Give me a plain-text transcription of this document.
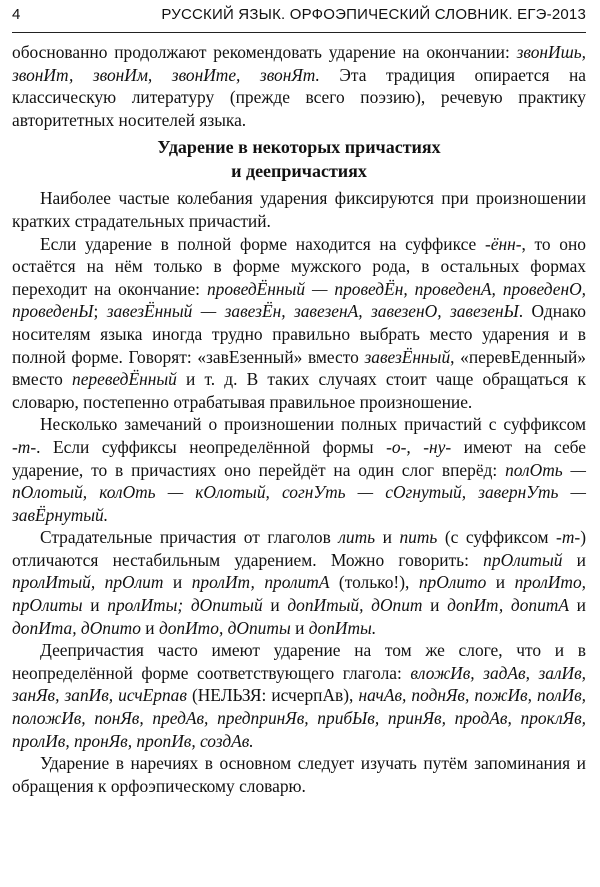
4	РУССКИЙ ЯЗЫК. ОРФОЭПИЧЕСКИЙ СЛОВНИК. ЕГЭ-2013

обоснованно продолжают рекомендовать ударение на окончании: звонИшь, звонИт, звонИм, звонИте, звонЯт. Эта традиция опирается на классическую литературу (прежде всего поэзию), речевую практику авторитетных носителей языка.

Ударение в некоторых причастиях
и деепричастиях

Наиболее частые колебания ударения фиксируются при произношении кратких страдательных причастий.

Если ударение в полной форме находится на суффиксе -ённ-, то оно остаётся на нём только в форме мужского рода, в остальных формах переходит на окончание: проведЁнный — проведЁн, проведенА, проведенО, проведенЫ; завезЁнный — завезЁн, завезенА, завезенО, завезенЫ. Однако носителям языка иногда трудно правильно выбрать место ударения и в полной форме. Говорят: «завЕзенный» вместо завезЁнный, «перевЕденный» вместо переведЁнный и т. д. В таких случаях стоит чаще обращаться к словарю, постепенно отрабатывая правильное произношение.

Несколько замечаний о произношении полных причастий с суффиксом -т-. Если суффиксы неопределённой формы -о-, -ну- имеют на себе ударение, то в причастиях оно перейдёт на один слог вперёд: полОть — пОлотый, колОть — кОлотый, согнУть — сОгнутый, завернУть — завЁрнутый.

Страдательные причастия от глаголов лить и пить (с суффиксом -т-) отличаются нестабильным ударением. Можно говорить: прОлитый и пролИтый, прОлит и пролИт, пролитА (только!), прОлито и пролИто, прОлиты и пролИты; дОпитый и допИтый, дОпит и допИт, допитА и допИта, дОпито и допИто, дОпиты и допИты.

Деепричастия часто имеют ударение на том же слоге, что и в неопределённой форме соответствующего глагола: вложИв, задАв, залИв, занЯв, запИв, исчЕрпав (НЕЛЬЗЯ: исчерпАв), начАв, поднЯв, пожИв, полИв, положИв, понЯв, предАв, предпринЯв, прибЫв, принЯв, продАв, проклЯв, пролИв, пронЯв, пропИв, создАв.

Ударение в наречиях в основном следует изучать путём запоминания и обращения к орфоэпическому словарю.
